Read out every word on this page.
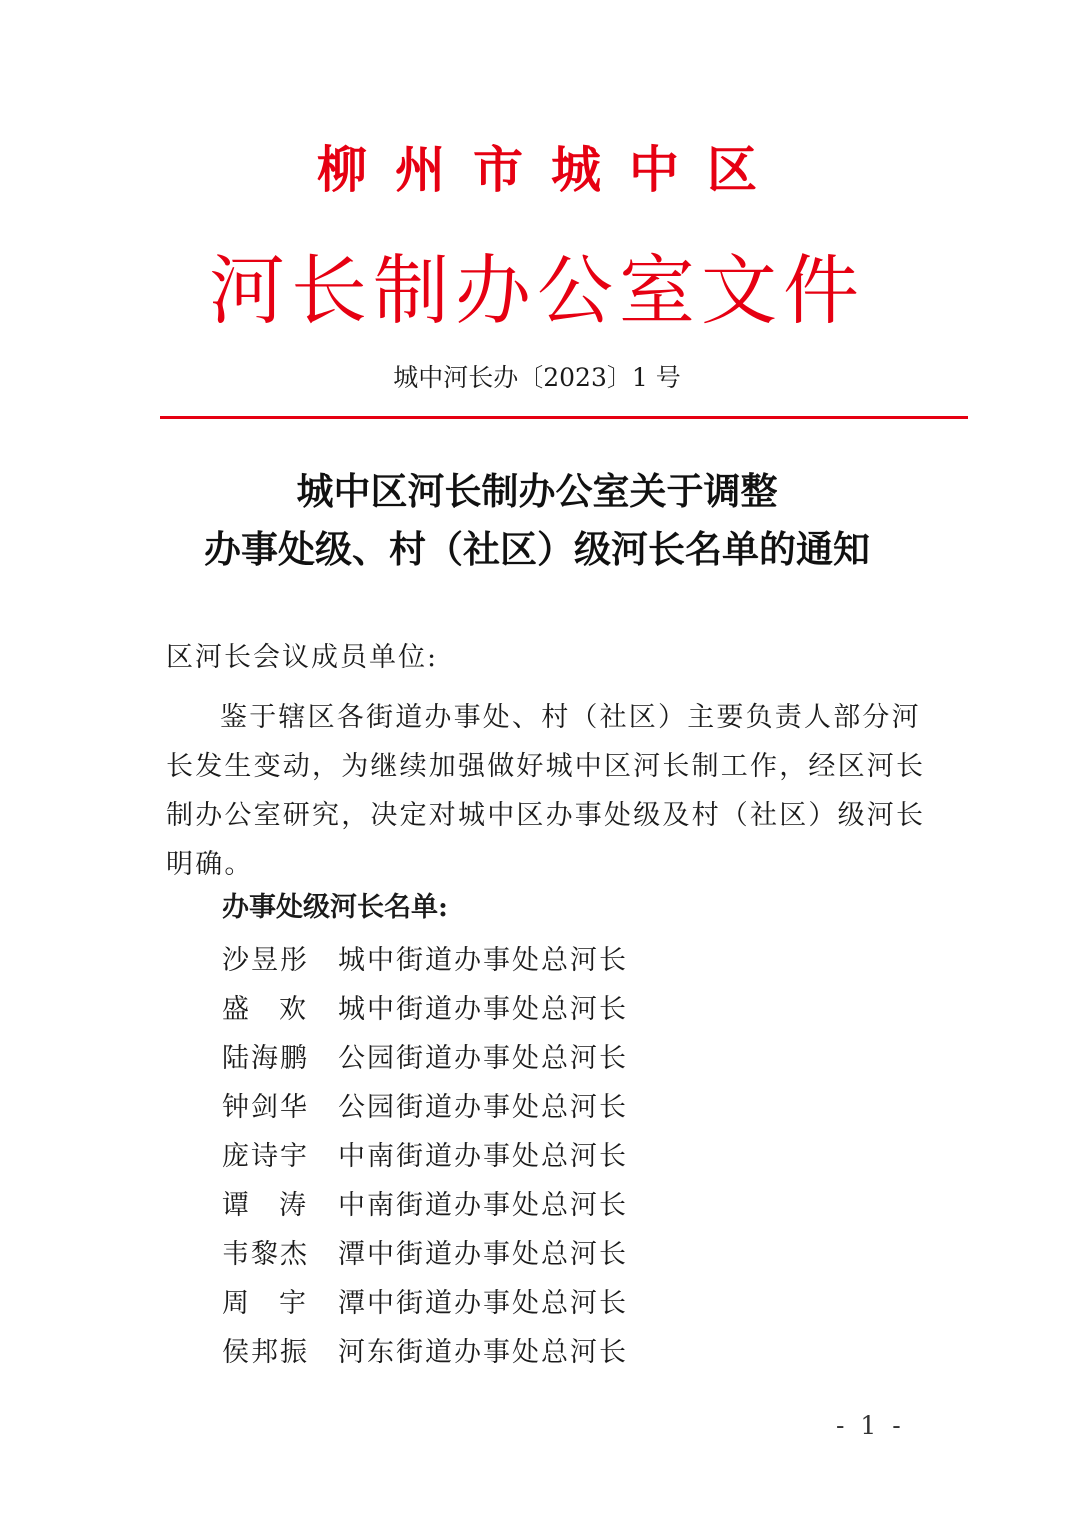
柳州市城中区
河长制办公室文件
城中河长办〔2023〕1 号
城中区河长制办公室关于调整
办事处级、村（社区）级河长名单的通知
区河长会议成员单位:
鉴于辖区各街道办事处、村（社区）主要负责人部分河
长发生变动，为继续加强做好城中区河长制工作，经区河长
制办公室研究，决定对城中区办事处级及村（社区）级河长
明确。
办事处级河长名单:
沙昱彤	城中街道办事处总河长
盛欢 城中街道办事处总河长
陆海鹏	公园街道办事处总河长
钟剑华	公园街道办事处总河长
庞诗宇	中南街道办事处总河长
谭涛 中南街道办事处总河长
韦黎杰	潭中街道办事处总河长
周宇 潭中街道办事处总河长
侯邦振	河东街道办事处总河长
- 1 -
